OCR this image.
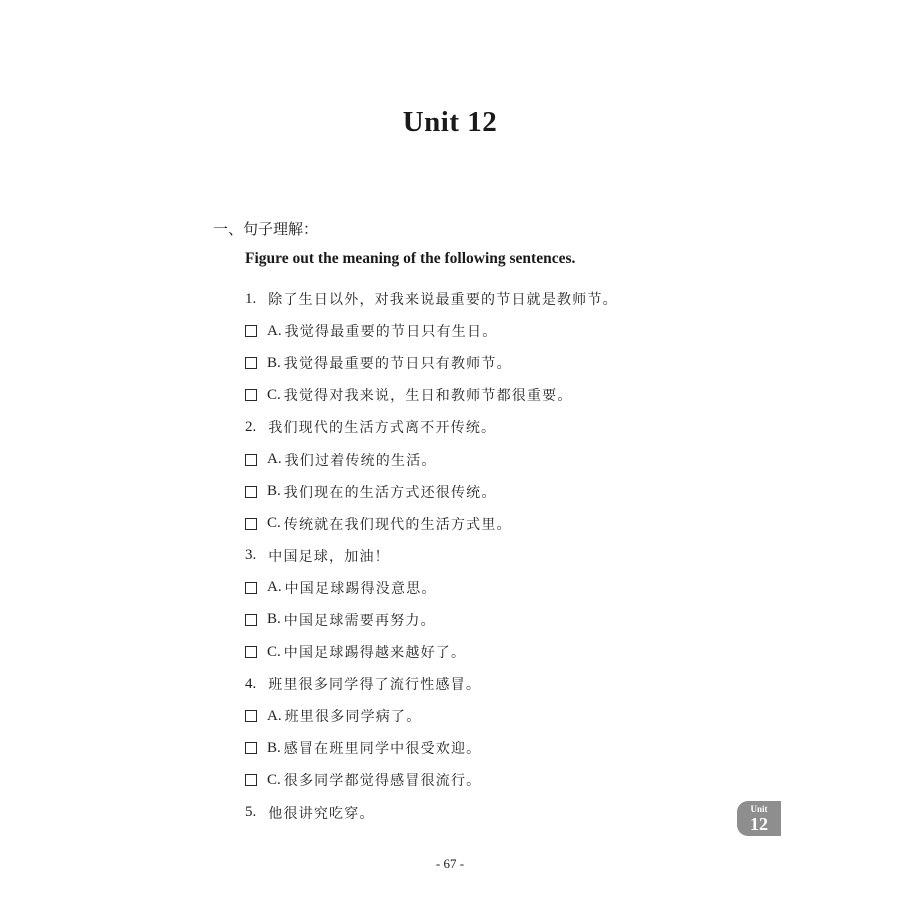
Unit 12
一、句子理解：
Figure out the meaning of the following sentences.
1. 除了生日以外，对我来说最重要的节日就是教师节。
A. 我觉得最重要的节日只有生日。
B. 我觉得最重要的节日只有教师节。
C. 我觉得对我来说，生日和教师节都很重要。
2. 我们现代的生活方式离不开传统。
A. 我们过着传统的生活。
B. 我们现在的生活方式还很传统。
C. 传统就在我们现代的生活方式里。
3. 中国足球，加油！
A. 中国足球踢得没意思。
B. 中国足球需要再努力。
C. 中国足球踢得越来越好了。
4. 班里很多同学得了流行性感冒。
A. 班里很多同学病了。
B. 感冒在班里同学中很受欢迎。
C. 很多同学都觉得感冒很流行。
5. 他很讲究吃穿。	Unit
12
- 67 -
